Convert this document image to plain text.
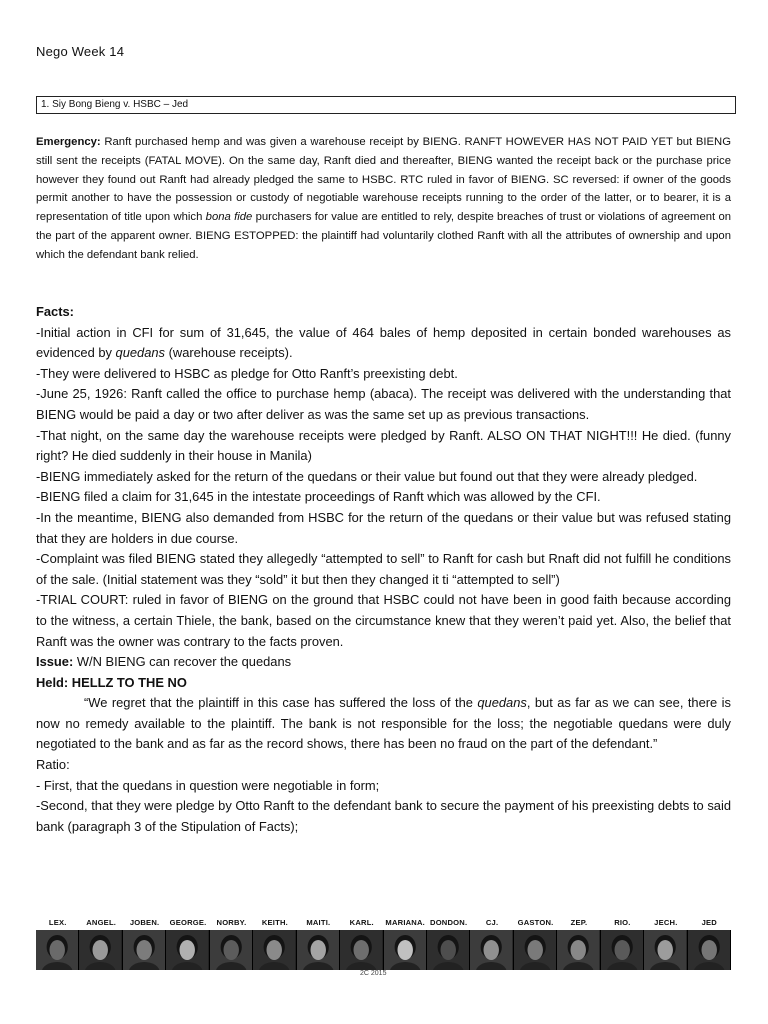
Nego Week 14
1. Siy Bong Bieng v. HSBC – Jed

Emergency: Ranft purchased hemp and was given a warehouse receipt by BIENG. RANFT HOWEVER HAS NOT PAID YET but BIENG still sent the receipts (FATAL MOVE). On the same day, Ranft died and thereafter, BIENG wanted the receipt back or the purchase price however they found out Ranft had already pledged the same to HSBC. RTC ruled in favor of BIENG. SC reversed: if owner of the goods permit another to have the possession or custody of negotiable warehouse receipts running to the order of the latter, or to bearer, it is a representation of title upon which bona fide purchasers for value are entitled to rely, despite breaches of trust or violations of agreement on the part of the apparent owner. BIENG ESTOPPED: the plaintiff had voluntarily clothed Ranft with all the attributes of ownership and upon which the defendant bank relied.

Facts:

-Initial action in CFI for sum of 31,645, the value of 464 bales of hemp deposited in certain bonded warehouses as evidenced by quedans (warehouse receipts).

-They were delivered to HSBC as pledge for Otto Ranft’s preexisting debt.

-June 25, 1926: Ranft called the office to purchase hemp (abaca). The receipt was delivered with the understanding that BIENG would be paid a day or two after deliver as was the same set up as previous transactions.

-That night, on the same day the warehouse receipts were pledged by Ranft. ALSO ON THAT NIGHT!!! He died. (funny right? He died suddenly in their house in Manila)

-BIENG immediately asked for the return of the quedans or their value but found out that they were already pledged.

-BIENG filed a claim for 31,645 in the intestate proceedings of Ranft which was allowed by the CFI.

-In the meantime, BIENG also demanded from HSBC for the return of the quedans or their value but was refused stating that they are holders in due course.

-Complaint was filed BIENG stated they allegedly “attempted to sell” to Ranft for cash but Rnaft did not fulfill he conditions of the sale. (Initial statement was they “sold” it but then they changed it ti “attempted to sell”)

-TRIAL COURT: ruled in favor of BIENG on the ground that HSBC could not have been in good faith because according to the witness, a certain Thiele, the bank, based on the circumstance knew that they weren’t paid yet. Also, the belief that Ranft was the owner was contrary to the facts proven.

Issue: W/N BIENG can recover the quedans

Held: HELLZ TO THE NO

“We regret that the plaintiff in this case has suffered the loss of the quedans, but as far as we can see, there is now no remedy available to the plaintiff. The bank is not responsible for the loss; the negotiable quedans were duly negotiated to the bank and as far as the record shows, there has been no fraud on the part of the defendant.”

Ratio:

- First, that the quedans in question were negotiable in form;

-Second, that they were pledge by Otto Ranft to the defendant bank to secure the payment of his preexisting debts to said bank (paragraph 3 of the Stipulation of Facts);

LEX.	ANGEL.	JOBEN.	GEORGE.	NORBY.	KEITH.	MAITI.	KARL.	MARIANA. DONDON.	CJ.	GASTON.	ZEP.	RIO.	JECH.	JED
2C 2015
